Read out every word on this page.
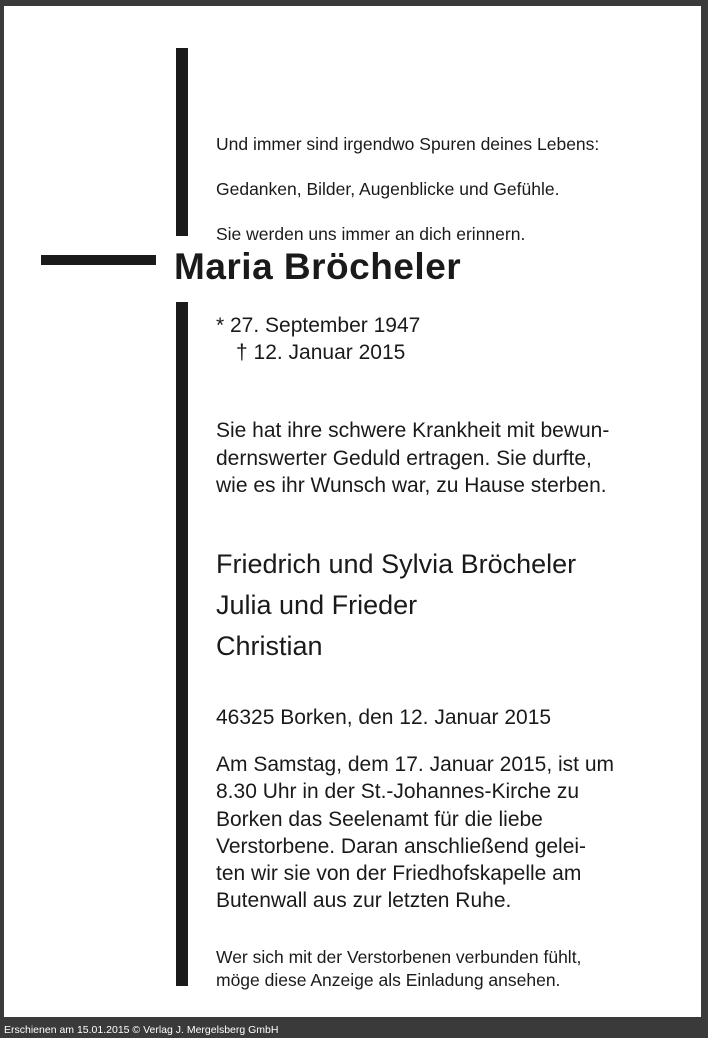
Und immer sind irgendwo Spuren deines Lebens:

Gedanken, Bilder, Augenblicke und Gefühle.

Sie werden uns immer an dich erinnern.

Maria Bröcheler
* 27. September 1947
† 12. Januar 2015
Sie hat ihre schwere Krankheit mit bewun-
dernswerter Geduld ertragen. Sie durfte,
wie es ihr Wunsch war, zu Hause sterben.
Friedrich und Sylvia Bröcheler
Julia und Frieder
Christian
46325 Borken, den 12. Januar 2015
Am Samstag, dem 17. Januar 2015, ist um
8.30 Uhr in der St.-Johannes-Kirche zu
Borken das Seelenamt für die liebe
Verstorbene. Daran anschließend gelei-
ten wir sie von der Friedhofskapelle am
Butenwall aus zur letzten Ruhe.
Wer sich mit der Verstorbenen verbunden fühlt,
möge diese Anzeige als Einladung ansehen.
Erschienen am 15.01.2015 © Verlag J. Mergelsberg GmbH
